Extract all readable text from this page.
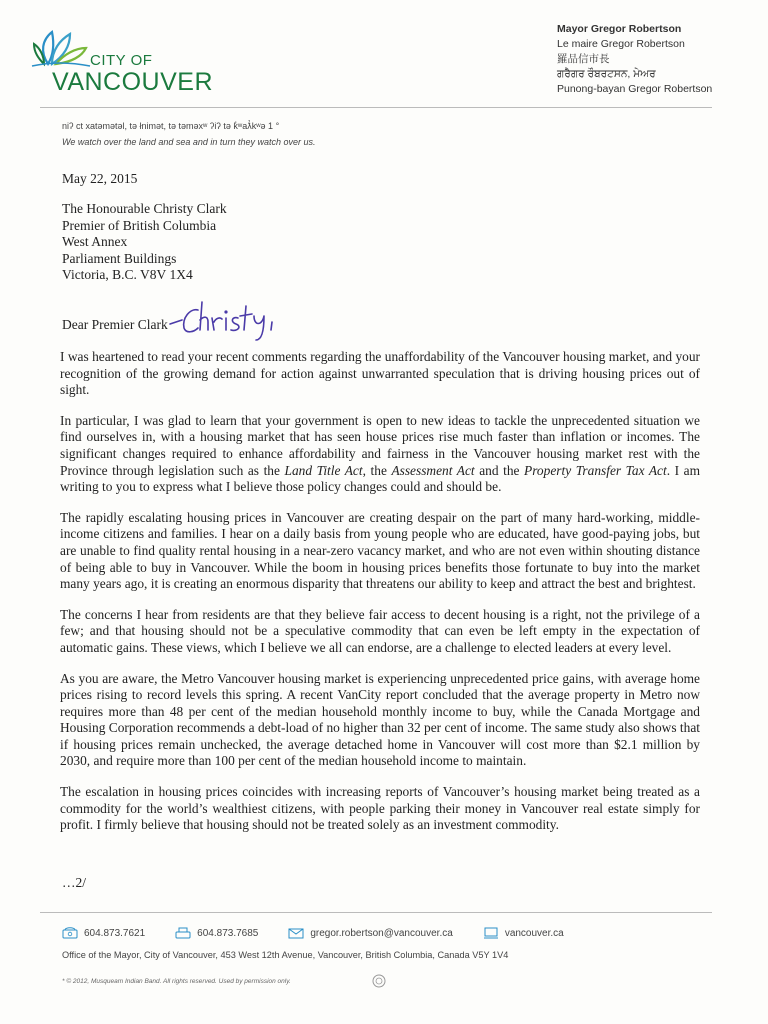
CITY OF
VANCOUVER
Mayor Gregor Robertson
Le maire Gregor Robertson
羅品信市長
ਗਰੈਗਰ ਰੌਬਰਟਸਨ, ਮੇਅਰ
Punong-bayan Gregor Robertson
niʔ ct xatəmətəl, tə łnimət, tə təməxʷ ʔiʔ tə k̓ʷaƛ̓kʷə 1 °
We watch over the land and sea and in turn they watch over us.
May 22, 2015
The Honourable Christy Clark
Premier of British Columbia
West Annex
Parliament Buildings
Victoria, B.C. V8V 1X4
Dear Premier Clark

I was heartened to read your recent comments regarding the unaffordability of the Vancouver housing market, and your recognition of the growing demand for action against unwarranted speculation that is driving housing prices out of sight.

In particular, I was glad to learn that your government is open to new ideas to tackle the unprecedented situation we find ourselves in, with a housing market that has seen house prices rise much faster than inflation or incomes. The significant changes required to enhance affordability and fairness in the Vancouver housing market rest with the Province through legislation such as the Land Title Act, the Assessment Act and the Property Transfer Tax Act. I am writing to you to express what I believe those policy changes could and should be.

The rapidly escalating housing prices in Vancouver are creating despair on the part of many hard-working, middle-income citizens and families. I hear on a daily basis from young people who are educated, have good-paying jobs, but are unable to find quality rental housing in a near-zero vacancy market, and who are not even within shouting distance of being able to buy in Vancouver. While the boom in housing prices benefits those fortunate to buy into the market many years ago, it is creating an enormous disparity that threatens our ability to keep and attract the best and brightest.

The concerns I hear from residents are that they believe fair access to decent housing is a right, not the privilege of a few; and that housing should not be a speculative commodity that can even be left empty in the expectation of automatic gains. These views, which I believe we all can endorse, are a challenge to elected leaders at every level.

As you are aware, the Metro Vancouver housing market is experiencing unprecedented price gains, with average home prices rising to record levels this spring. A recent VanCity report concluded that the average property in Metro now requires more than 48 per cent of the median household monthly income to buy, while the Canada Mortgage and Housing Corporation recommends a debt-load of no higher than 32 per cent of income. The same study also shows that if housing prices remain unchecked, the average detached home in Vancouver will cost more than $2.1 million by 2030, and require more than 100 per cent of the median household income to maintain.

The escalation in housing prices coincides with increasing reports of Vancouver’s housing market being treated as a commodity for the world’s wealthiest citizens, with people parking their money in Vancouver real estate simply for profit. I firmly believe that housing should not be treated solely as an investment commodity.

…2/
604.873.7621	604.873.7685	gregor.robertson@vancouver.ca	vancouver.ca
Office of the Mayor, City of Vancouver, 453 West 12th Avenue, Vancouver, British Columbia, Canada V5Y 1V4
* © 2012, Musqueam Indian Band. All rights reserved. Used by permission only.
